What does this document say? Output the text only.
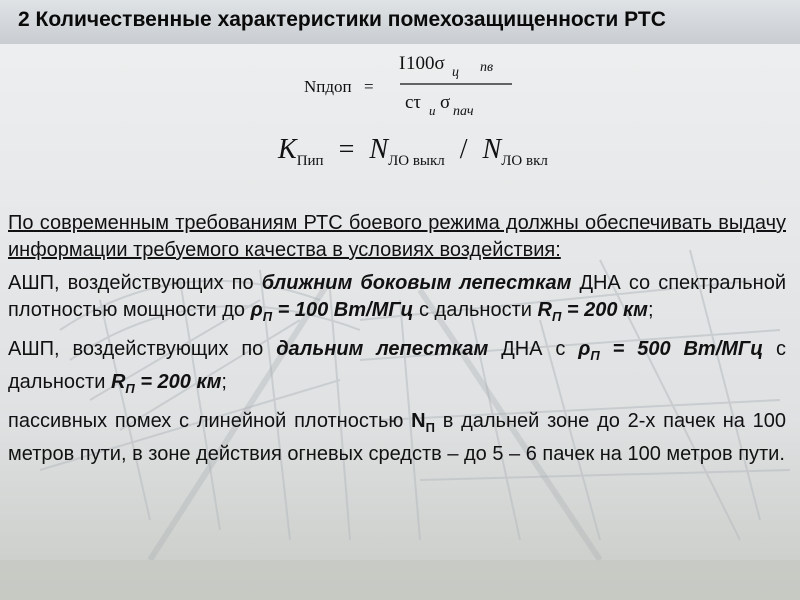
2 Количественные характеристики помехозащищенности РТС
Nпдоп =
I 100σ ц пв
cτ и σ пач
$K_{Пип} = N_{ЛО выкл} / N_{ЛО вкл}$

По современным требованиям РТС боевого режима должны обеспечивать выдачу информации требуемого качества в условиях воздействия:

АШП, воздействующих по ближним боковым лепесткам ДНА со спектральной плотностью мощности до $\rho_П = 100$ Вт/МГц с дальности $R_П = 200$ км;

АШП, воздействующих по дальним лепесткам ДНА с $\rho_П = 500$ Вт/МГц с дальности $R_П = 200$ км;

пассивных помех с линейной плотностью $N_П$ в дальней зоне до 2-х пачек на 100 метров пути, в зоне действия огневых средств – до 5 – 6 пачек на 100 метров пути.
